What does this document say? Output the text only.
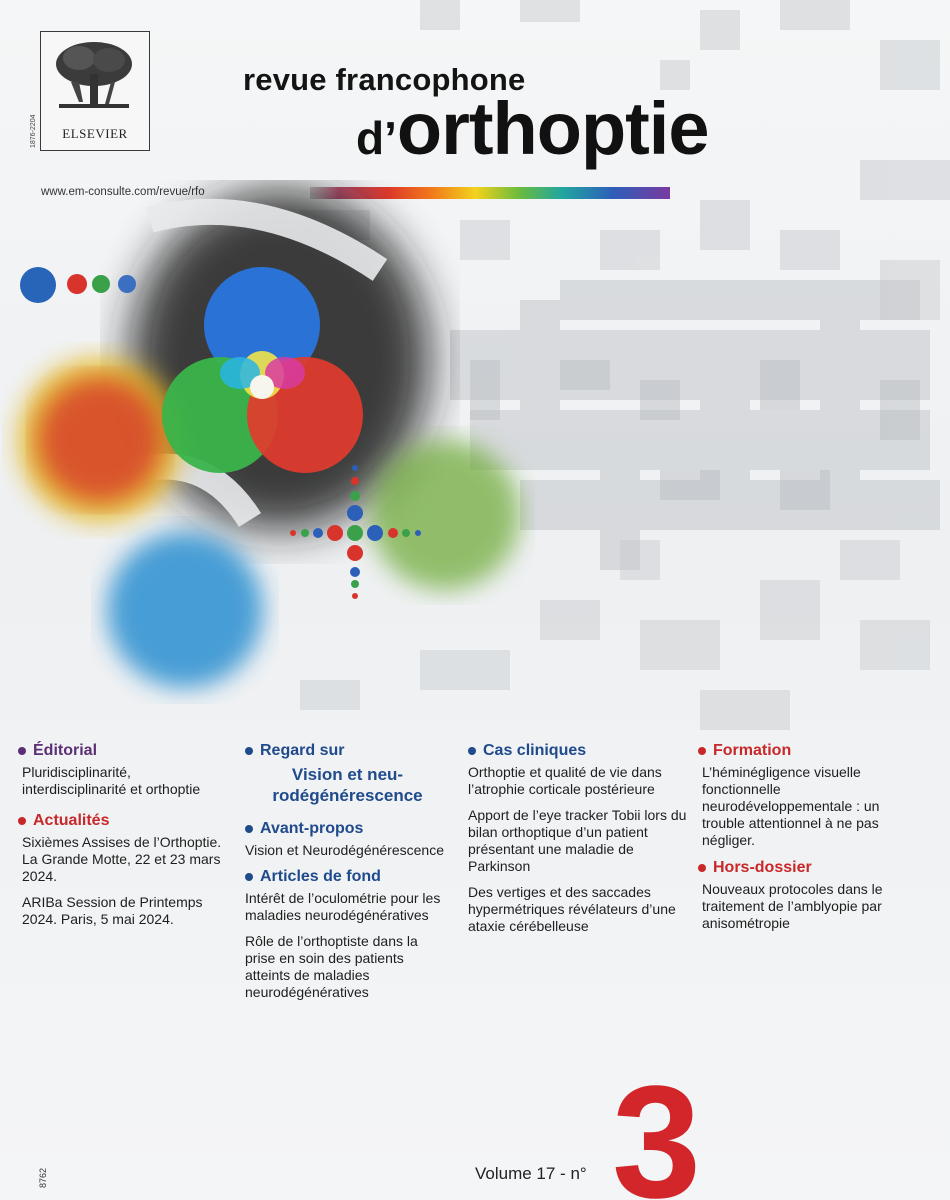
ELSEVIER
1876-2204
revue francophone
d’orthoptie
www.em-consulte.com/revue/rfo
Éditorial
Pluridisciplinarité, interdisciplinarité et orthoptie
Actualités
Sixièmes Assises de l’Orthoptie. La Grande Motte, 22 et 23 mars 2024.
ARIBa Session de Printemps 2024. Paris, 5 mai 2024.
Regard sur
Vision et neu-rodégénérescence
Avant-propos
Vision et Neurodégénérescence
Articles de fond
Intérêt de l’oculométrie pour les maladies neurodégénératives
Rôle de l’orthoptiste dans la prise en soin des patients atteints de maladies neurodégénératives
Cas cliniques
Orthoptie et qualité de vie dans l’atrophie corticale postérieure
Apport de l’eye tracker Tobii lors du bilan orthoptique d’un patient présentant une maladie de Parkinson
Des vertiges et des saccades hypermétriques révélateurs d’une ataxie cérébelleuse
Formation
L’héminégligence visuelle fonctionnelle neurodéveloppementale : un trouble attentionnel à ne pas négliger.
Hors-dossier
Nouveaux protocoles dans le traitement de l’amblyopie par anisométropie
Volume 17 - n° 3
8762
